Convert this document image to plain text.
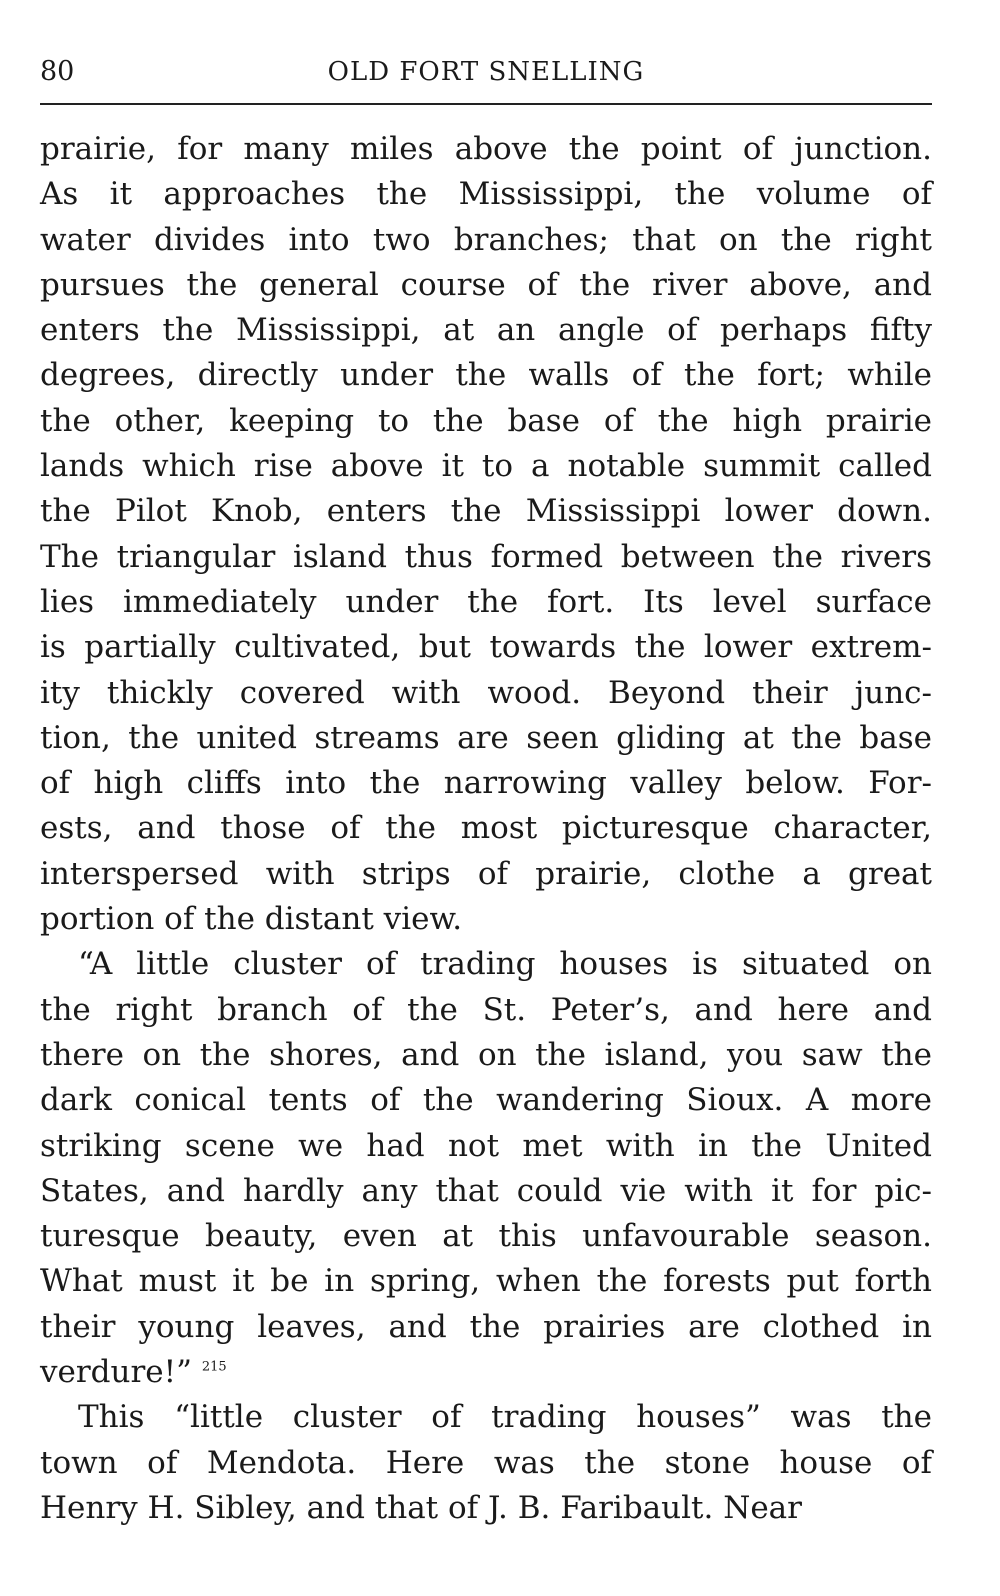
80	OLD FORT SNELLING
prairie, for many miles above the point of junction.
As it approaches the Mississippi, the volume of
water divides into two branches; that on the right
pursues the general course of the river above, and
enters the Mississippi, at an angle of perhaps fifty
degrees, directly under the walls of the fort; while
the other, keeping to the base of the high prairie
lands which rise above it to a notable summit called
the Pilot Knob, enters the Mississippi lower down.
The triangular island thus formed between the rivers
lies immediately under the fort. Its level surface
is partially cultivated, but towards the lower extrem-
ity thickly covered with wood. Beyond their junc-
tion, the united streams are seen gliding at the base
of high cliffs into the narrowing valley below. For-
ests, and those of the most picturesque character,
interspersed with strips of prairie, clothe a great
portion of the distant view.
“A little cluster of trading houses is situated on
the right branch of the St. Peter’s, and here and
there on the shores, and on the island, you saw the
dark conical tents of the wandering Sioux. A more
striking scene we had not met with in the United
States, and hardly any that could vie with it for pic-
turesque beauty, even at this unfavourable season.
What must it be in spring, when the forests put forth
their young leaves, and the prairies are clothed in
verdure!” $^{215}$
This “little cluster of trading houses” was the
town of Mendota. Here was the stone house of
Henry H. Sibley, and that of J. B. Faribault. Near
